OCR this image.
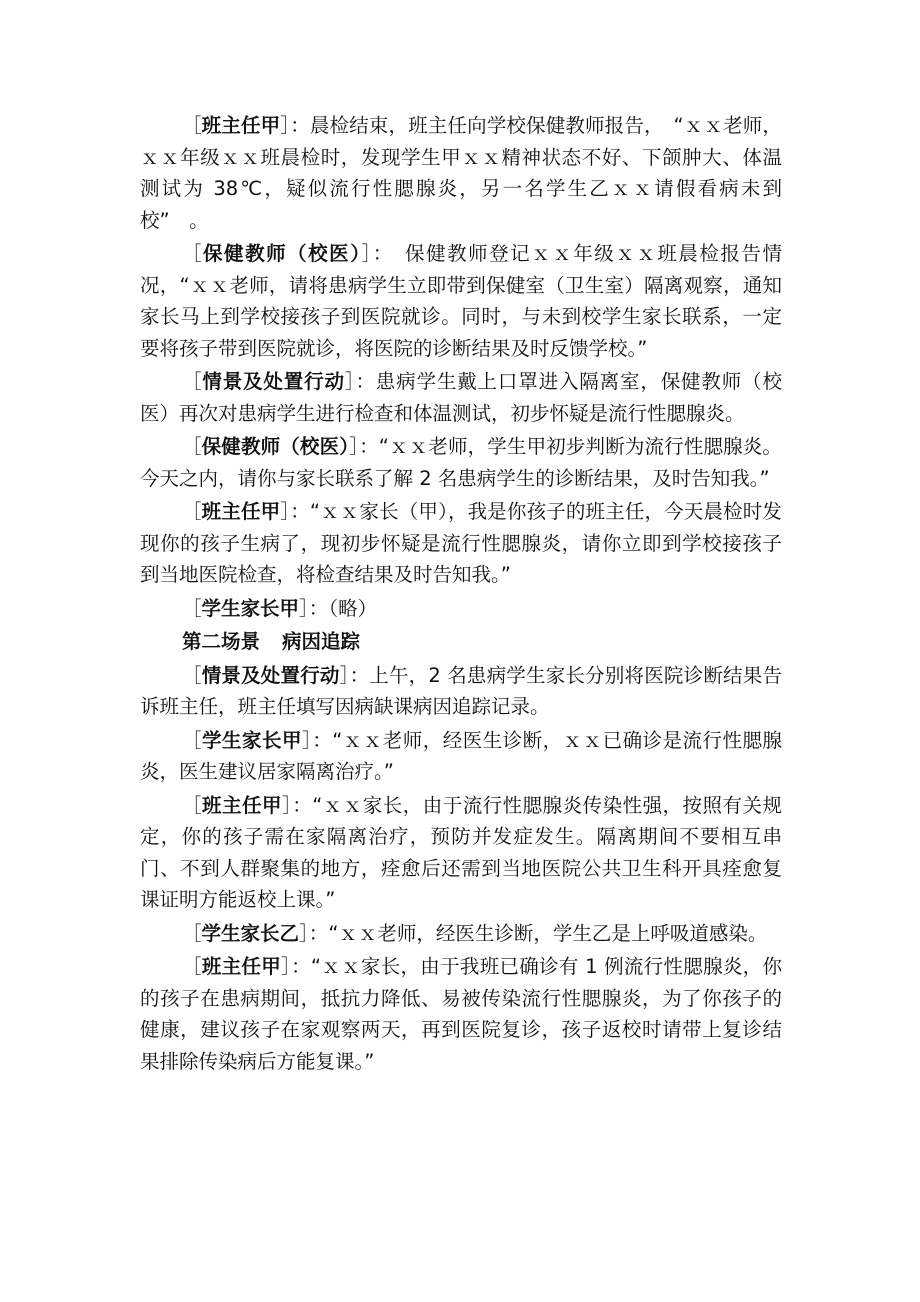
［班主任甲］：晨检结束，班主任向学校保健教师报告，　“ｘｘ老师，ｘｘ年级ｘｘ班晨检时，发现学生甲ｘｘ精神状态不好、下颌肿大、体温测试为 38℃，疑似流行性腮腺炎，另一名学生乙ｘｘ请假看病未到校”　。

［保健教师（校医）］：　保健教师登记ｘｘ年级ｘｘ班晨检报告情况，“ｘｘ老师，请将患病学生立即带到保健室（卫生室）隔离观察，通知家长马上到学校接孩子到医院就诊。同时，与未到校学生家长联系，一定要将孩子带到医院就诊，将医院的诊断结果及时反馈学校。”

［情景及处置行动］：患病学生戴上口罩进入隔离室，保健教师（校医）再次对患病学生进行检查和体温测试，初步怀疑是流行性腮腺炎。

［保健教师（校医）］：“ｘｘ老师，学生甲初步判断为流行性腮腺炎。今天之内，请你与家长联系了解 2 名患病学生的诊断结果，及时告知我。”

［班主任甲］：“ｘｘ家长（甲），我是你孩子的班主任，今天晨检时发现你的孩子生病了，现初步怀疑是流行性腮腺炎，请你立即到学校接孩子到当地医院检查，将检查结果及时告知我。”

［学生家长甲］：（略）

第二场景 病因追踪

［情景及处置行动］：上午，2 名患病学生家长分别将医院诊断结果告诉班主任，班主任填写因病缺课病因追踪记录。

［学生家长甲］：“ｘｘ老师，经医生诊断，ｘｘ已确诊是流行性腮腺炎，医生建议居家隔离治疗。”

［班主任甲］：“ｘｘ家长，由于流行性腮腺炎传染性强，按照有关规定，你的孩子需在家隔离治疗，预防并发症发生。隔离期间不要相互串门、不到人群聚集的地方，痊愈后还需到当地医院公共卫生科开具痊愈复课证明方能返校上课。”

［学生家长乙］：“ｘｘ老师，经医生诊断，学生乙是上呼吸道感染。

［班主任甲］：“ｘｘ家长，由于我班已确诊有 1 例流行性腮腺炎，你的孩子在患病期间，抵抗力降低、易被传染流行性腮腺炎，为了你孩子的健康，建议孩子在家观察两天，再到医院复诊，孩子返校时请带上复诊结果排除传染病后方能复课。”
